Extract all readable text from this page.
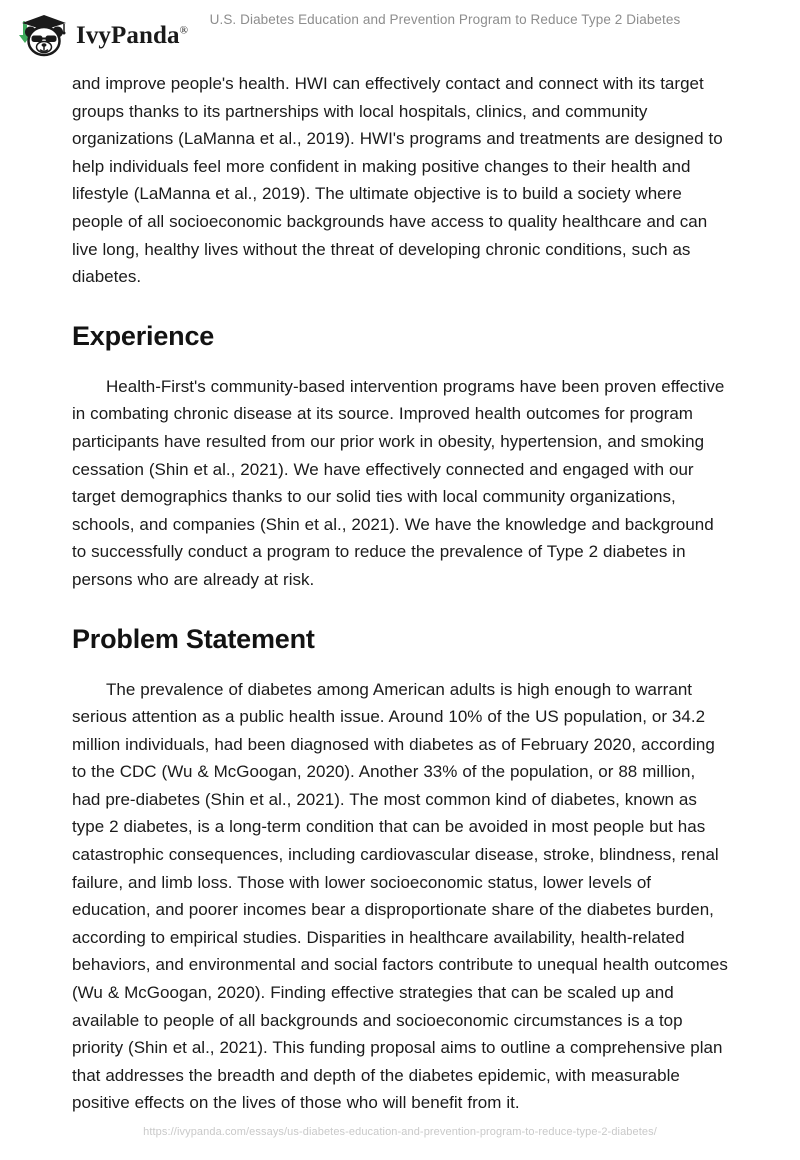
IvyPanda®
U.S. Diabetes Education and Prevention Program to Reduce Type 2 Diabetes

and improve people's health. HWI can effectively contact and connect with its target groups thanks to its partnerships with local hospitals, clinics, and community organizations (LaManna et al., 2019). HWI's programs and treatments are designed to help individuals feel more confident in making positive changes to their health and lifestyle (LaManna et al., 2019). The ultimate objective is to build a society where people of all socioeconomic backgrounds have access to quality healthcare and can live long, healthy lives without the threat of developing chronic conditions, such as diabetes.

Experience

Health-First's community-based intervention programs have been proven effective in combating chronic disease at its source. Improved health outcomes for program participants have resulted from our prior work in obesity, hypertension, and smoking cessation (Shin et al., 2021). We have effectively connected and engaged with our target demographics thanks to our solid ties with local community organizations, schools, and companies (Shin et al., 2021). We have the knowledge and background to successfully conduct a program to reduce the prevalence of Type 2 diabetes in persons who are already at risk.

Problem Statement

The prevalence of diabetes among American adults is high enough to warrant serious attention as a public health issue. Around 10% of the US population, or 34.2 million individuals, had been diagnosed with diabetes as of February 2020, according to the CDC (Wu & McGoogan, 2020). Another 33% of the population, or 88 million, had pre-diabetes (Shin et al., 2021). The most common kind of diabetes, known as type 2 diabetes, is a long-term condition that can be avoided in most people but has catastrophic consequences, including cardiovascular disease, stroke, blindness, renal failure, and limb loss. Those with lower socioeconomic status, lower levels of education, and poorer incomes bear a disproportionate share of the diabetes burden, according to empirical studies. Disparities in healthcare availability, health-related behaviors, and environmental and social factors contribute to unequal health outcomes (Wu & McGoogan, 2020). Finding effective strategies that can be scaled up and available to people of all backgrounds and socioeconomic circumstances is a top priority (Shin et al., 2021). This funding proposal aims to outline a comprehensive plan that addresses the breadth and depth of the diabetes epidemic, with measurable positive effects on the lives of those who will benefit from it.

https://ivypanda.com/essays/us-diabetes-education-and-prevention-program-to-reduce-type-2-diabetes/
